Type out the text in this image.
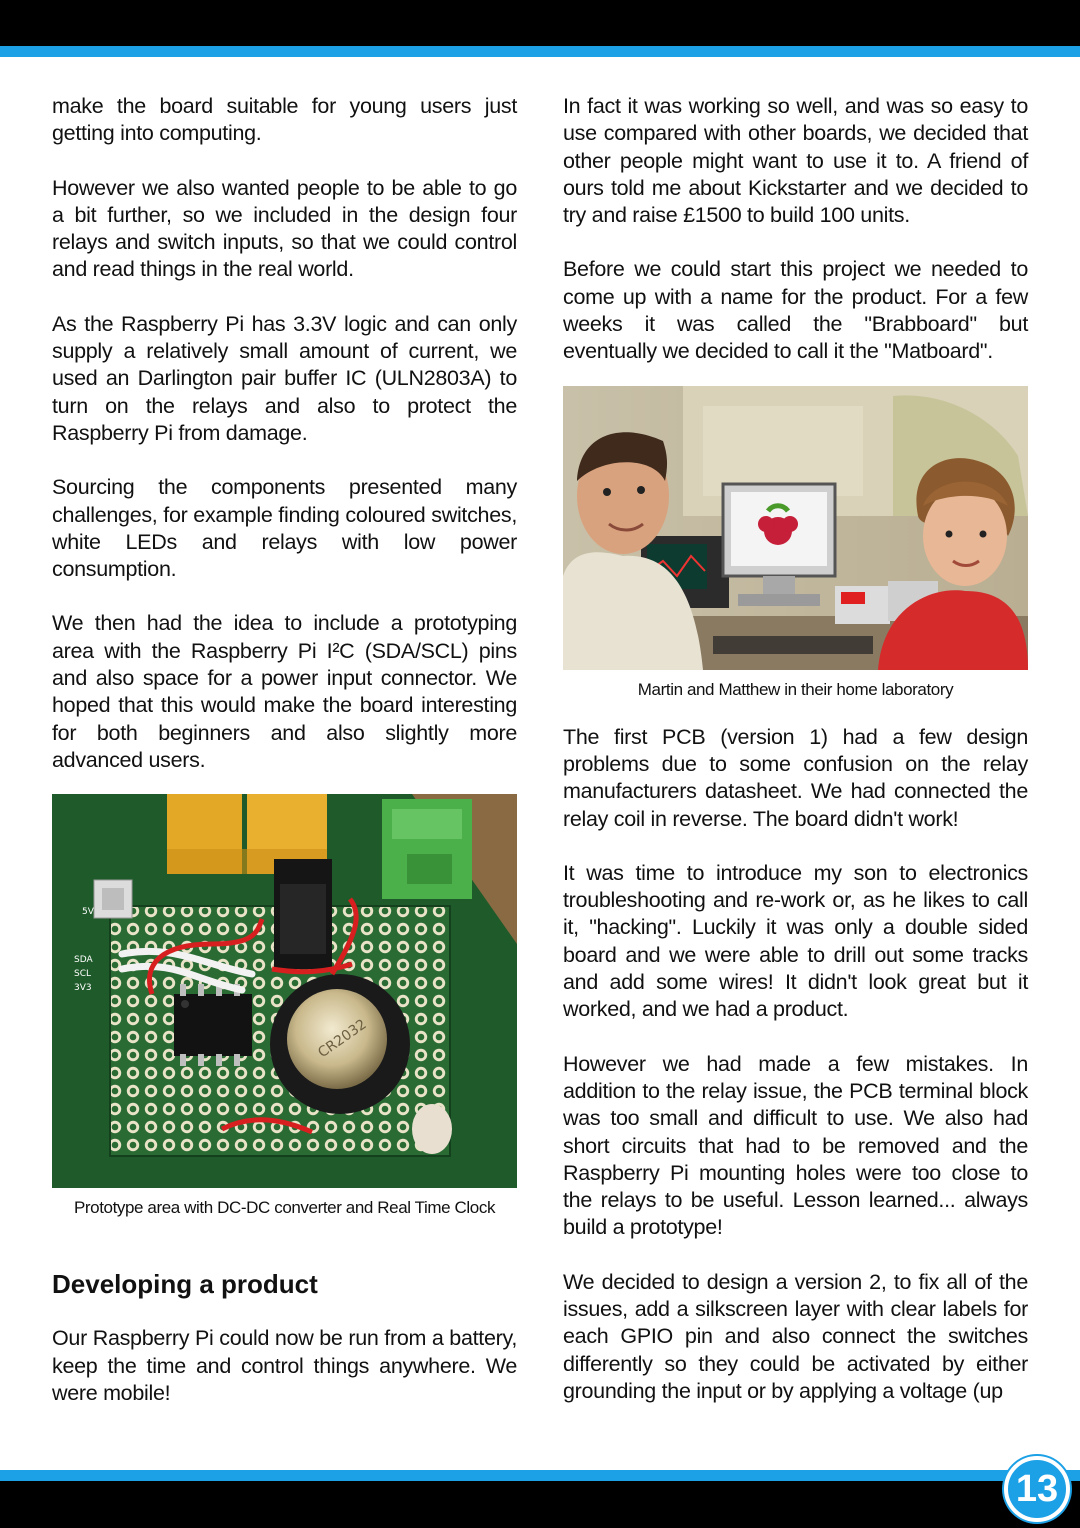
make the board suitable for young users just getting into computing.

However we also wanted people to be able to go a bit further, so we included in the design four relays and switch inputs, so that we could control and read things in the real world.

As the Raspberry Pi has 3.3V logic and can only supply a relatively small amount of current, we used an Darlington pair buffer IC (ULN2803A) to turn on the relays and also to protect the Raspberry Pi from damage.

Sourcing the components presented many challenges, for example finding coloured switches, white LEDs and relays with low power consumption.

We then had the idea to include a prototyping area with the Raspberry Pi I²C (SDA/SCL) pins and also space for a power input connector. We hoped that this would make the board interesting for both beginners and also slightly more advanced users.

CR2032
5V
SDA
SCL
3V3
Prototype area with DC-DC converter and Real Time Clock
Developing a product

Our Raspberry Pi could now be run from a battery, keep the time and control things anywhere. We were mobile!

In fact it was working so well, and was so easy to use compared with other boards, we decided that other people might want to use it to. A friend of ours told me about Kickstarter and we decided to try and raise £1500 to build 100 units.

Before we could start this project we needed to come up with a name for the product. For a few weeks it was called the "Brabboard" but eventually we decided to call it the "Matboard".

Martin and Matthew in their home laboratory

The first PCB (version 1) had a few design problems due to some confusion on the relay manufacturers datasheet. We had connected the relay coil in reverse. The board didn't work!

It was time to introduce my son to electronics troubleshooting and re-work or, as he likes to call it, "hacking". Luckily it was only a double sided board and we were able to drill out some tracks and add some wires! It didn't look great but it worked, and we had a product.

However we had made a few mistakes. In addition to the relay issue, the PCB terminal block was too small and difficult to use. We also had short circuits that had to be removed and the Raspberry Pi mounting holes were too close to the relays to be useful. Lesson learned... always build a prototype!

We decided to design a version 2, to fix all of the issues, add a silkscreen layer with clear labels for each GPIO pin and also connect the switches differently so they could be activated by either grounding the input or by applying a voltage (up

13
